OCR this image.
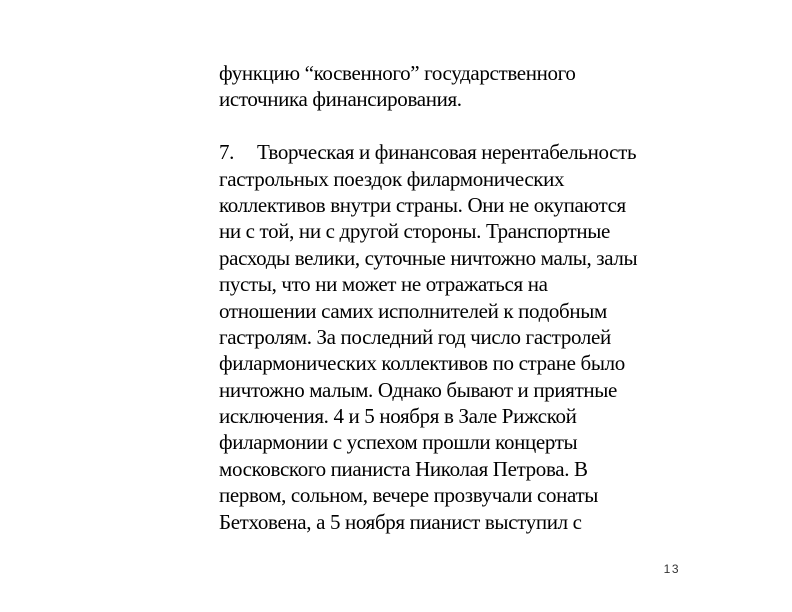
функцию “косвенного” государственного
источника финансирования.
7. Творческая и финансовая нерентабельность
гастрольных поездок филармонических
коллективов внутри страны. Они не окупаются
ни с той, ни с другой стороны. Транспортные
расходы велики, суточные ничтожно малы, залы
пусты, что ни может не отражаться на
отношении самих исполнителей к подобным
гастролям. За последний год число гастролей
филармонических коллективов по стране было
ничтожно малым. Однако бывают и приятные
исключения. 4 и 5 ноября в Зале Рижской
филармонии с успехом прошли концерты
московского пианиста Николая Петрова. В
первом, сольном, вечере прозвучали сонаты
Бетховена, а 5 ноября пианист выступил с
13
